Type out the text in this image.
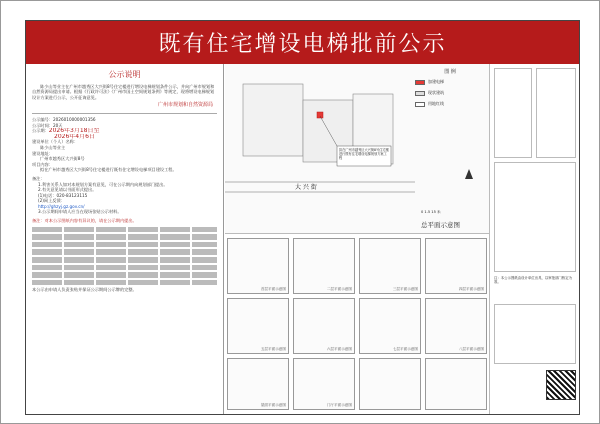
既有住宅增设电梯批前公示
公示说明
陈少山等业主在广州市越秀区大兴街8号住宅楼进行增设电梯规划条件公示，并向广州市规划和自然资源局提出申请。根据《行政许可法》《广州市国土空间规划条例》等规定，现将增设电梯规划设计方案进行公示，公开征询意见。
广州市规划和自然资源局
公示编号：2026010000001356
公示时间：20天
公示期：2026年3月18日至
2026年4月6日
建设单位（个人）名称：
陈少山等业主
建设地址：
广州市越秀区大兴街8号
项目内容：
拟在广州市越秀区大兴街8号住宅楼进行既有住宅增设电梯项目建设工程。
备注：
1.利害关系人如对本规划方案有意见，可在公示期内向规划部门提出。
2.有关意见请以书面形式提出。
(1)电话：020-83123115
(2)网上反馈：
http://ghzyj.gz.gov.cn/
3.公示期间申请人应当在现场张贴公示材料。
备注：对本公示图纸内容有异议的，请在公示期内提出。
本公示由申请人负责张贴并保证公示期间公示牌的完整。
大 兴 街
拟在广州市越秀区大兴街8号住宅楼进行既有住宅增设电梯规划方案工程
图 例
加建电梯
现状建筑
用地红线
0 1.5 15 米
总平面示意图
首层平面示意图	二层平面示意图	三层平面示意图	四层平面示意图
五层平面示意图	六层平面示意图	七层平面示意图	八层平面示意图
屋面平面示意图	门厅平面示意图
注：本公示图纸由设计单位出具，以审批部门核定为准。
